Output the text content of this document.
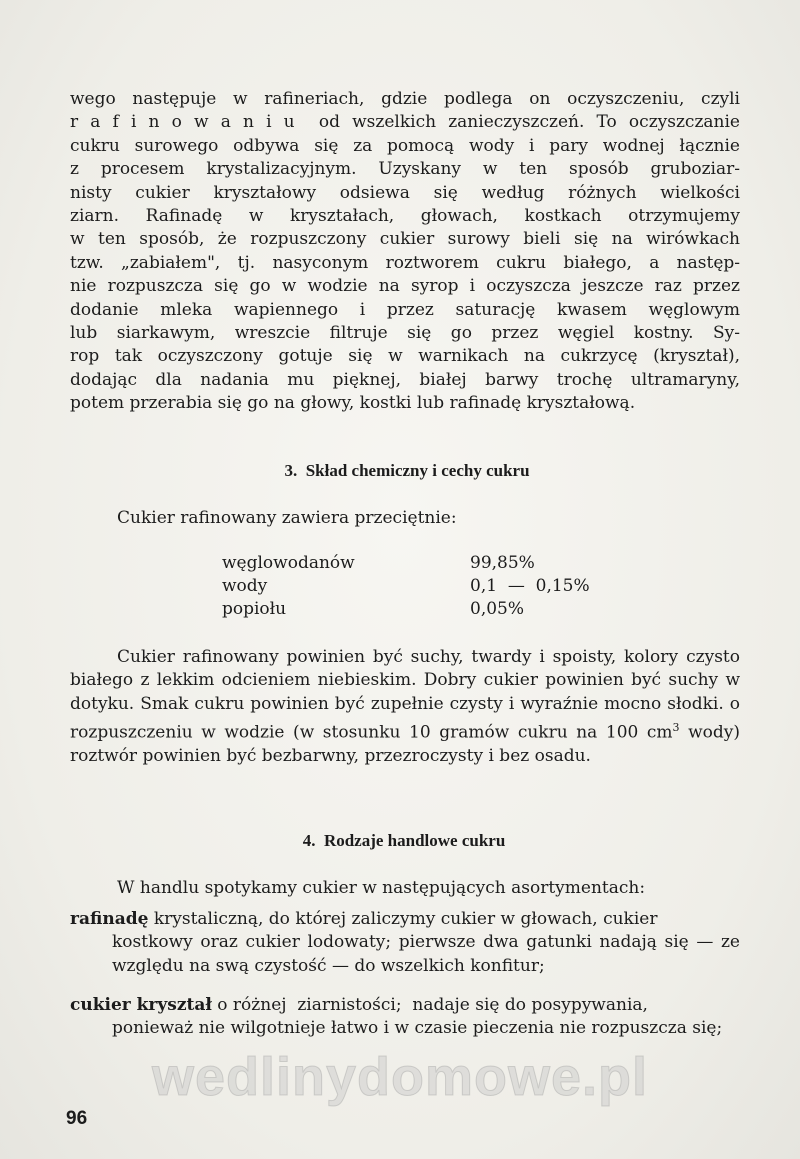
wego następuje w rafineriach, gdzie podlega on oczyszczeniu, czyli

r a f i n o w a n i u  od wszelkich zanieczyszczeń. To oczyszczanie

cukru surowego odbywa się za pomocą wody i pary wodnej łącznie

z procesem krystalizacyjnym. Uzyskany w ten sposób gruboziar-

nisty cukier kryształowy odsiewa się według różnych wielkości

ziarn. Rafinadę w kryształach, głowach, kostkach otrzymujemy

w ten sposób, że rozpuszczony cukier surowy bieli się na wirówkach

tzw. „zabiałem", tj. nasyconym roztworem cukru białego, a następ-

nie rozpuszcza się go w wodzie na syrop i oczyszcza jeszcze raz przez

dodanie mleka wapiennego i przez saturację kwasem węglowym

lub siarkawym, wreszcie filtruje się go przez węgiel kostny. Sy-

rop tak oczyszczony gotuje się w warnikach na cukrzycę (kryształ),

dodając dla nadania mu pięknej, białej barwy trochę ultramaryny,

potem przerabia się go na głowy, kostki lub rafinadę kryształową.

3.  Skład chemiczny i cechy cukru
Cukier rafinowany zawiera przeciętnie:
węglowodanów	99,85%
wody	0,1  —  0,15%
popiołu	0,05%

Cukier rafinowany powinien być suchy, twardy i spoisty, kolorу czysto białego z lekkim odcieniem niebieskim. Dobry cukier powinien być suchy w dotyku. Smak cukru powinien być zupełnie czysty i wyraźnie mocno słodki. o rozpuszczeniu w wodzie (w stosunku 10 gramów cukru na 100 $cm^3$ wody) roztwór powinien być bezbarwny, przezroczysty i bez osadu.

4.  Rodzaje handlowe cukru
W handlu spotykamy cukier w następujących asortymentach:
rafinadę krystaliczną, do której zaliczymy cukier w głowach, cukier
kostkowy oraz cukier lodowaty; pierwsze dwa gatunki nadają się — ze względu na swą czystość — do wszelkich konfitur;
cukier kryształ o różnej  ziarnistości;  nadaje się do posypywania,
ponieważ nie wilgotnieje łatwo i w czasie pieczenia nie rozpuszcza się;
wedlinydomowe.pl
96
